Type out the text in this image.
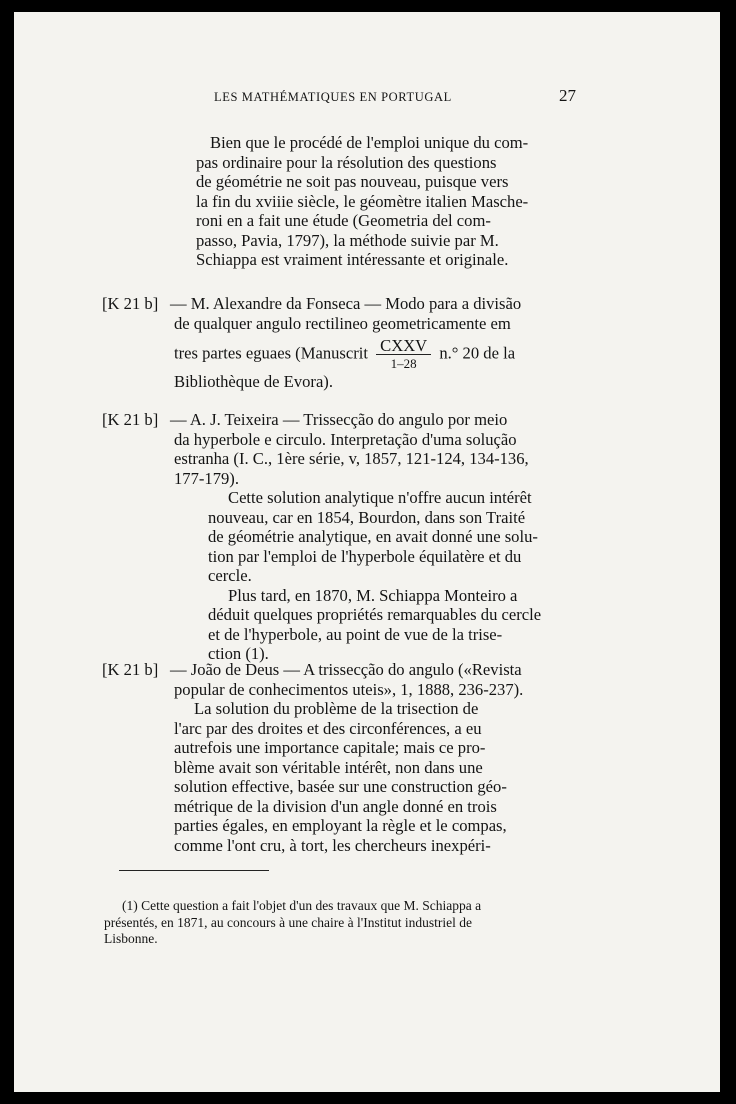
LES MATHÉMATIQUES EN PORTUGAL	27
Bien que le procédé de l'emploi unique du com-
pas ordinaire pour la résolution des questions
de géométrie ne soit pas nouveau, puisque vers
la fin du xviiie siècle, le géomètre italien Masche-
roni en a fait une étude (Geometria del com-
passo, Pavia, 1797), la méthode suivie par M.
Schiappa est vraiment intéressante et originale.
[K 21 b] — M. Alexandre da Fonseca — Modo para a divisão
de qualquer angulo rectilineo geometricamente em
tres partes eguaes (Manuscrit $\frac{\text{CXXV}}{1-28} n.^\circ$ 20 de la
Bibliothèque de Evora).
[K 21 b] — A. J. Teixeira — Trissecção do angulo por meio
da hyperbole e circulo. Interpretação d'uma solução
estranha (I. C., 1ère série, v, 1857, 121-124, 134-136,
177-179).
Cette solution analytique n'offre aucun intérêt
nouveau, car en 1854, Bourdon, dans son Traité
de géométrie analytique, en avait donné une solu-
tion par l'emploi de l'hyperbole équilatère et du
cercle.
Plus tard, en 1870, M. Schiappa Monteiro a
déduit quelques propriétés remarquables du cercle
et de l'hyperbole, au point de vue de la trise-
ction (1).
[K 21 b] — João de Deus — A trissecção do angulo («Revista
popular de conhecimentos uteis», 1, 1888, 236-237).
La solution du problème de la trisection de
l'arc par des droites et des circonférences, a eu
autrefois une importance capitale; mais ce pro-
blème avait son véritable intérêt, non dans une
solution effective, basée sur une construction géo-
métrique de la division d'un angle donné en trois
parties égales, en employant la règle et le compas,
comme l'ont cru, à tort, les chercheurs inexpéri-
(1) Cette question a fait l'objet d'un des travaux que M. Schiappa a
présentés, en 1871, au concours à une chaire à l'Institut industriel de
Lisbonne.
